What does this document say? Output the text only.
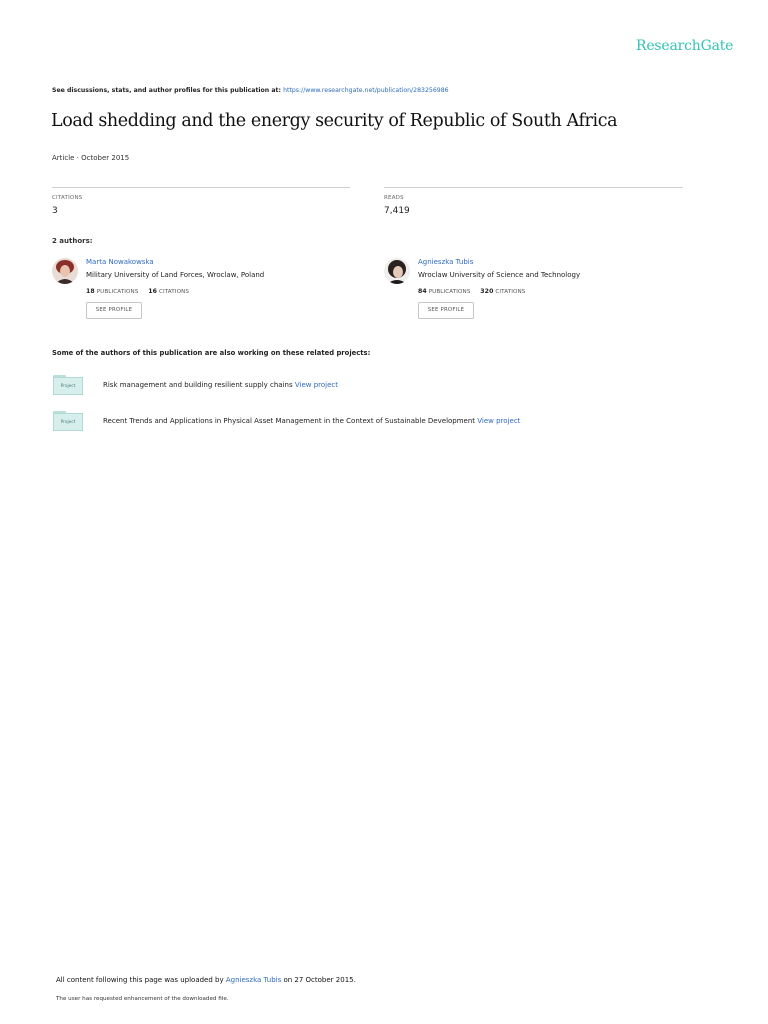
ResearchGate
See discussions, stats, and author profiles for this publication at: https://www.researchgate.net/publication/283256986
Load shedding and the energy security of Republic of South Africa
Article · October 2015
CITATIONS
3
READS
7,419
2 authors:
Marta Nowakowska
Military University of Land Forces, Wroclaw, Poland
18 PUBLICATIONS 16 CITATIONS
SEE PROFILE
Agnieszka Tubis
Wroclaw University of Science and Technology
84 PUBLICATIONS 320 CITATIONS
SEE PROFILE
Some of the authors of this publication are also working on these related projects:
Project	Risk management and building resilient supply chains View project
Project	Recent Trends and Applications in Physical Asset Management in the Context of Sustainable Development View project
All content following this page was uploaded by Agnieszka Tubis on 27 October 2015.
The user has requested enhancement of the downloaded file.
